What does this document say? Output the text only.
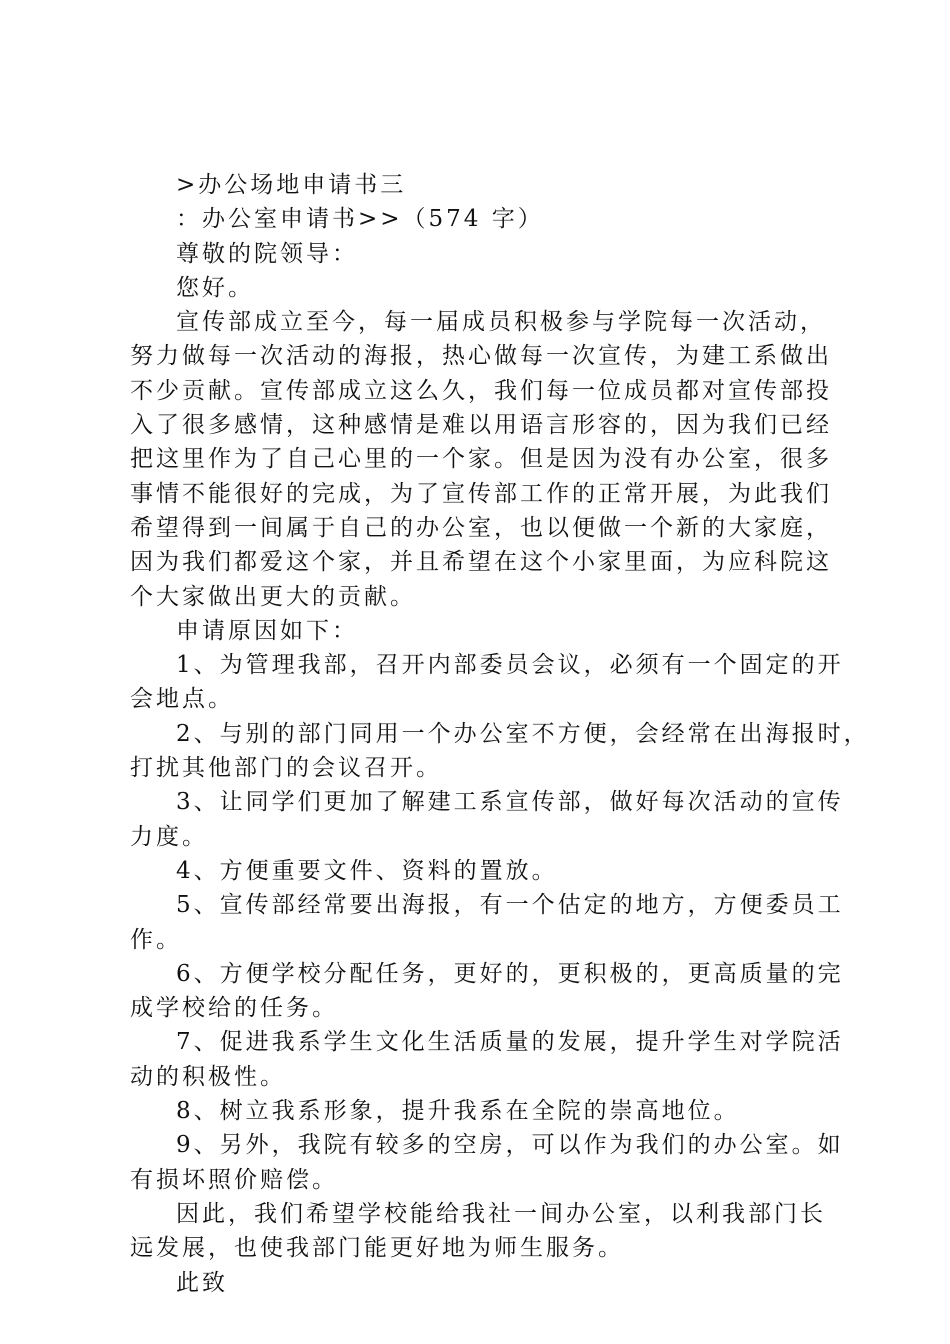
>办公场地申请书三
：办公室申请书>>（574 字）
尊敬的院领导：
您好。
宣传部成立至今，每一届成员积极参与学院每一次活动，
努力做每一次活动的海报，热心做每一次宣传，为建工系做出
不少贡献。宣传部成立这么久，我们每一位成员都对宣传部投
入了很多感情，这种感情是难以用语言形容的，因为我们已经
把这里作为了自己心里的一个家。但是因为没有办公室，很多
事情不能很好的完成，为了宣传部工作的正常开展，为此我们
希望得到一间属于自己的办公室，也以便做一个新的大家庭，
因为我们都爱这个家，并且希望在这个小家里面，为应科院这
个大家做出更大的贡献。
申请原因如下：
1、为管理我部，召开内部委员会议，必须有一个固定的开
会地点。
2、与别的部门同用一个办公室不方便，会经常在出海报时，
打扰其他部门的会议召开。
3、让同学们更加了解建工系宣传部，做好每次活动的宣传
力度。
4、方便重要文件、资料的置放。
5、宣传部经常要出海报，有一个估定的地方，方便委员工
作。
6、方便学校分配任务，更好的，更积极的，更高质量的完
成学校给的任务。
7、促进我系学生文化生活质量的发展，提升学生对学院活
动的积极性。
8、树立我系形象，提升我系在全院的崇高地位。
9、另外，我院有较多的空房，可以作为我们的办公室。如
有损坏照价赔偿。
因此，我们希望学校能给我社一间办公室，以利我部门长
远发展，也使我部门能更好地为师生服务。
此致
